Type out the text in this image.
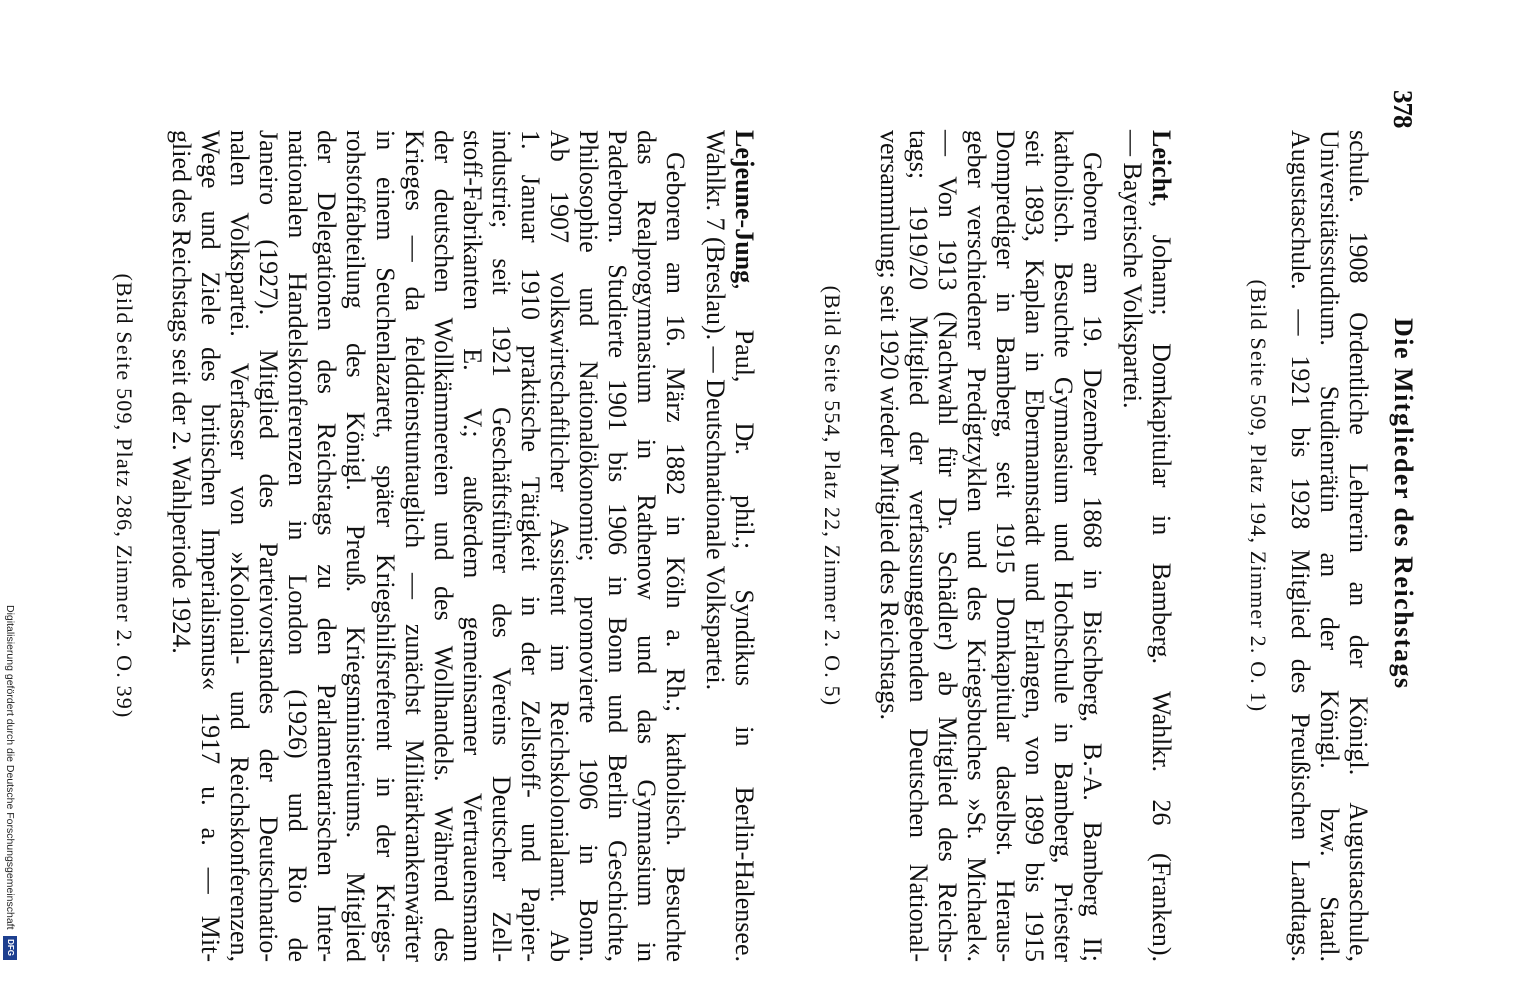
378
Die Mitglieder des Reichstags
schule. 1908 Ordentliche Lehrerin an der Königl. Augustaschule,
Universitätsstudium. Studienrätin an der Königl. bzw. Staatl.
Augustaschule. — 1921 bis 1928 Mitglied des Preußischen Landtags.
(Bild Seite 509, Platz 194, Zimmer 2. O. 1)
Leicht, Johann; Domkapitular in Bamberg. Wahlkr. 26 (Franken).
— Bayerische Volkspartei.
Geboren am 19. Dezember 1868 in Bischberg, B.-A. Bamberg II;
katholisch. Besuchte Gymnasium und Hochschule in Bamberg, Priester
seit 1893, Kaplan in Ebermannstadt und Erlangen, von 1899 bis 1915
Domprediger in Bamberg, seit 1915 Domkapitular daselbst. Heraus-
geber verschiedener Predigtzyklen und des Kriegsbuches »St. Michael«.
— Von 1913 (Nachwahl für Dr. Schädler) ab Mitglied des Reichs-
tags; 1919/20 Mitglied der verfassunggebenden Deutschen National-
versammlung; seit 1920 wieder Mitglied des Reichstags.
(Bild Seite 554, Platz 22, Zimmer 2. O. 5)
Lejeune-Jung, Paul, Dr. phil.; Syndikus in Berlin-Halensee.
Wahlkr. 7 (Breslau). — Deutschnationale Volkspartei.
Geboren am 16. März 1882 in Köln a. Rh.; katholisch. Besuchte
das Realprogymnasium in Rathenow und das Gymnasium in
Paderborn. Studierte 1901 bis 1906 in Bonn und Berlin Geschichte,
Philosophie und Nationalökonomie; promovierte 1906 in Bonn.
Ab 1907 volkswirtschaftlicher Assistent im Reichskolonialamt. Ab
1. Januar 1910 praktische Tätigkeit in der Zellstoff- und Papier-
industrie; seit 1921 Geschäftsführer des Vereins Deutscher Zell-
stoff-Fabrikanten E. V.; außerdem gemeinsamer Vertrauensmann
der deutschen Wollkämmereien und des Wollhandels. Während des
Krieges — da felddienstuntauglich — zunächst Militärkrankenwärter
in einem Seuchenlazarett, später Kriegshilfsreferent in der Kriegs-
rohstoffabteilung des Königl. Preuß. Kriegsministeriums. Mitglied
der Delegationen des Reichstags zu den Parlamentarischen Inter-
nationalen Handelskonferenzen in London (1926) und Rio de
Janeiro (1927). Mitglied des Parteivorstandes der Deutschnatio-
nalen Volkspartei. Verfasser von »Kolonial- und Reichskonferenzen,
Wege und Ziele des britischen Imperialismus« 1917 u. a. — Mit-
glied des Reichstags seit der 2. Wahlperiode 1924.
(Bild Seite 509, Platz 286, Zimmer 2. O. 39)
Digitalisierung gefördert durch die Deutsche Forschungsgemeinschaft
DFG
